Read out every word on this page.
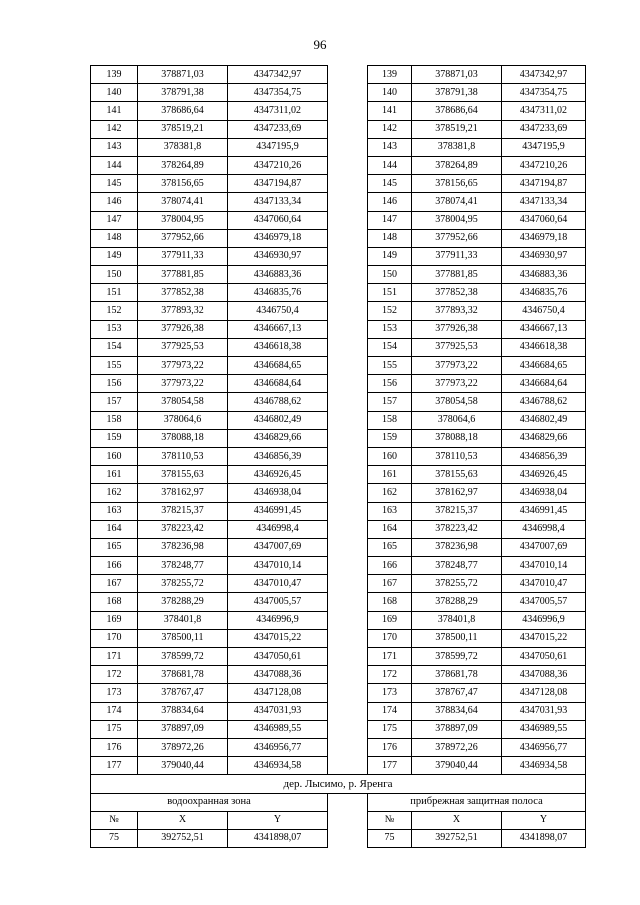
96
139	378871,03	4347342,97		139	378871,03	4347342,97
140	378791,38	4347354,75		140	378791,38	4347354,75
141	378686,64	4347311,02		141	378686,64	4347311,02
142	378519,21	4347233,69		142	378519,21	4347233,69
143	378381,8	4347195,9		143	378381,8	4347195,9
144	378264,89	4347210,26		144	378264,89	4347210,26
145	378156,65	4347194,87		145	378156,65	4347194,87
146	378074,41	4347133,34		146	378074,41	4347133,34
147	378004,95	4347060,64		147	378004,95	4347060,64
148	377952,66	4346979,18		148	377952,66	4346979,18
149	377911,33	4346930,97		149	377911,33	4346930,97
150	377881,85	4346883,36		150	377881,85	4346883,36
151	377852,38	4346835,76		151	377852,38	4346835,76
152	377893,32	4346750,4		152	377893,32	4346750,4
153	377926,38	4346667,13		153	377926,38	4346667,13
154	377925,53	4346618,38		154	377925,53	4346618,38
155	377973,22	4346684,65		155	377973,22	4346684,65
156	377973,22	4346684,64		156	377973,22	4346684,64
157	378054,58	4346788,62		157	378054,58	4346788,62
158	378064,6	4346802,49		158	378064,6	4346802,49
159	378088,18	4346829,66		159	378088,18	4346829,66
160	378110,53	4346856,39		160	378110,53	4346856,39
161	378155,63	4346926,45		161	378155,63	4346926,45
162	378162,97	4346938,04		162	378162,97	4346938,04
163	378215,37	4346991,45		163	378215,37	4346991,45
164	378223,42	4346998,4		164	378223,42	4346998,4
165	378236,98	4347007,69		165	378236,98	4347007,69
166	378248,77	4347010,14		166	378248,77	4347010,14
167	378255,72	4347010,47		167	378255,72	4347010,47
168	378288,29	4347005,57		168	378288,29	4347005,57
169	378401,8	4346996,9		169	378401,8	4346996,9
170	378500,11	4347015,22		170	378500,11	4347015,22
171	378599,72	4347050,61		171	378599,72	4347050,61
172	378681,78	4347088,36		172	378681,78	4347088,36
173	378767,47	4347128,08		173	378767,47	4347128,08
174	378834,64	4347031,93		174	378834,64	4347031,93
175	378897,09	4346989,55		175	378897,09	4346989,55
176	378972,26	4346956,77		176	378972,26	4346956,77
177	379040,44	4346934,58		177	379040,44	4346934,58
дер. Лысимо, р. Яренга						
водоохранная зона				прибрежная защитная полоса		
№	X	Y		№	X	Y
75	392752,51	4341898,07		75	392752,51	4341898,07
